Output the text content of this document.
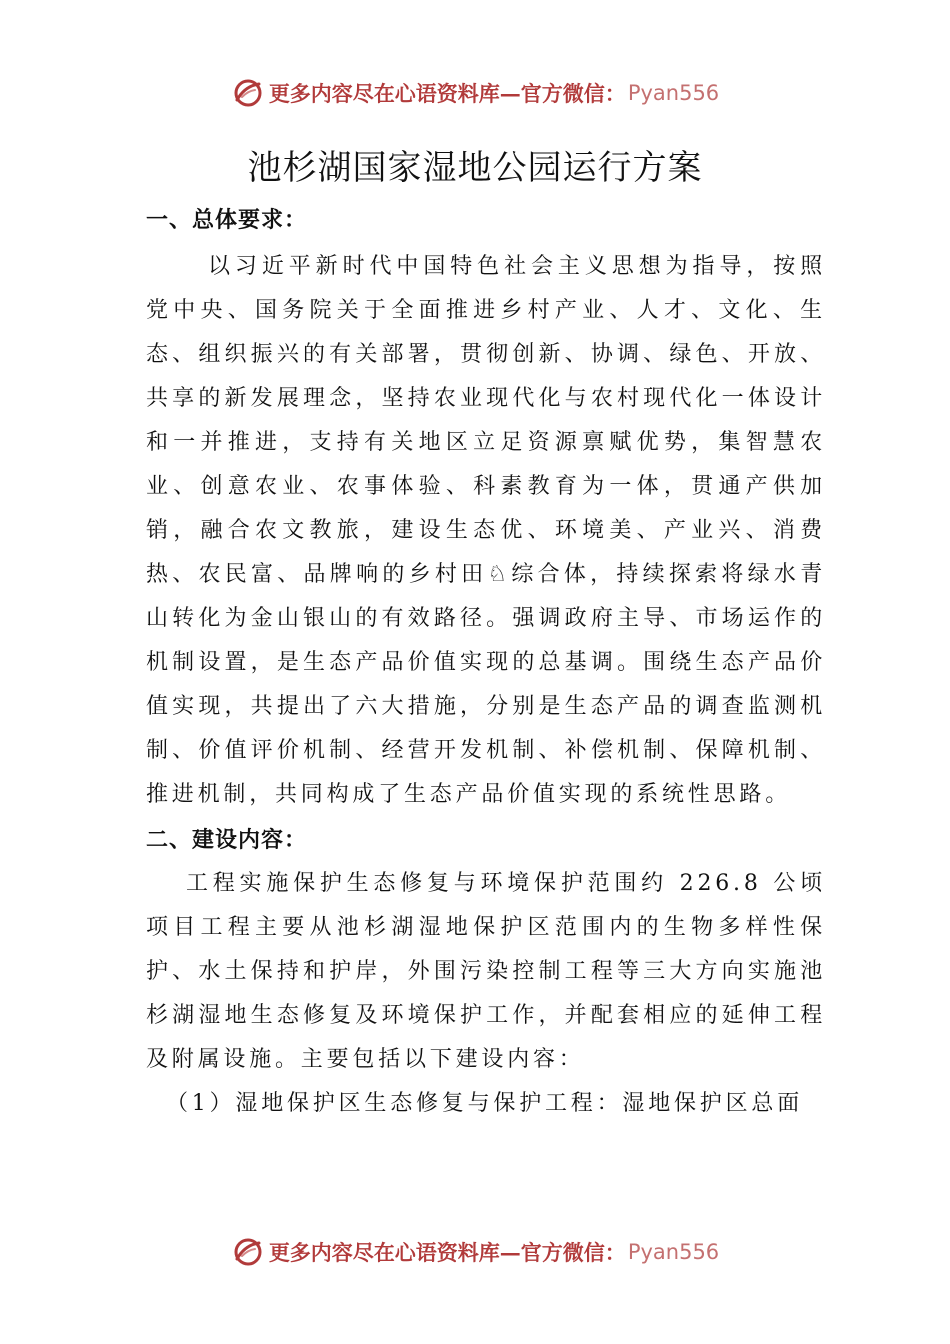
更多内容尽在心语资料库—官方微信： Pyan556
池杉湖国家湿地公园运行方案
一、总体要求：

以习近平新时代中国特色社会主义思想为指导，按照党中央、国务院关于全面推进乡村产业、人才、文化、生态、组织振兴的有关部署，贯彻创新、协调、绿色、开放、共享的新发展理念，坚持农业现代化与农村现代化一体设计和一并推进，支持有关地区立足资源禀赋优势，集智慧农业、创意农业、农事体验、科素教育为一体，贯通产供加销，融合农文教旅，建设生态优、环境美、产业兴、消费热、农民富、品牌响的乡村田♘综合体，持续探索将绿水青山转化为金山银山的有效路径。强调政府主导、市场运作的机制设置，是生态产品价值实现的总基调。围绕生态产品价值实现，共提出了六大措施，分别是生态产品的调查监测机制、价值评价机制、经营开发机制、补偿机制、保障机制、推进机制，共同构成了生态产品价值实现的系统性思路。

二、建设内容：

工程实施保护生态修复与环境保护范围约 226.8 公顷项目工程主要从池杉湖湿地保护区范围内的生物多样性保护、水土保持和护岸，外围污染控制工程等三大方向实施池杉湖湿地生态修复及环境保护工作，并配套相应的延伸工程及附属设施。主要包括以下建设内容：

（1）湿地保护区生态修复与保护工程：湿地保护区总面

更多内容尽在心语资料库—官方微信： Pyan556
